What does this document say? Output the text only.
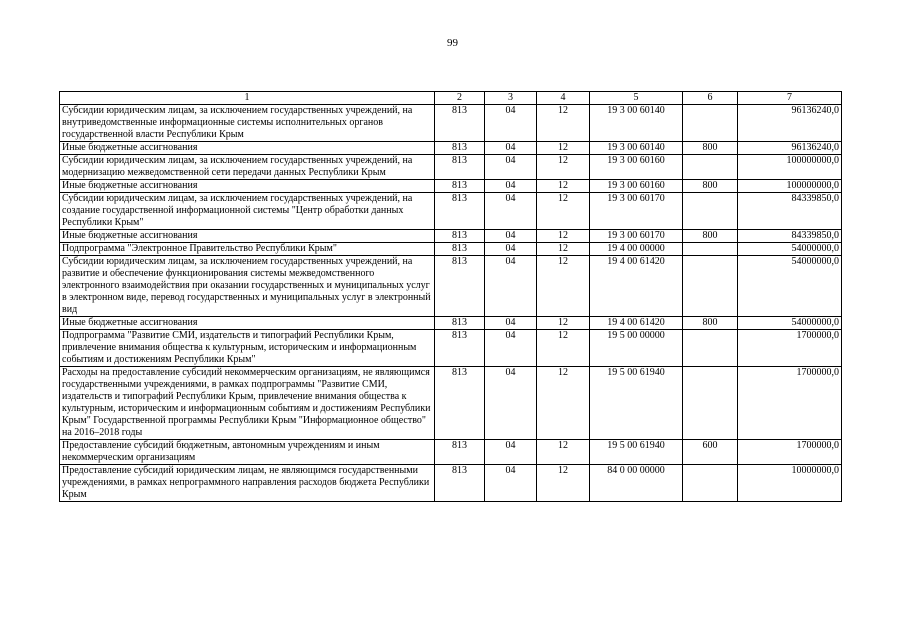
99
1	2	3	4	5	6	7
Субсидии юридическим лицам, за исключением государственных учреждений, на внутриведомственные информационные системы исполнительных органов государственной власти Республики Крым	813	04	12	19 3 00 60140		96136240,0
Иные бюджетные ассигнования	813	04	12	19 3 00 60140	800	96136240,0
Субсидии юридическим лицам, за исключением государственных учреждений, на модернизацию межведомственной сети передачи данных Республики Крым	813	04	12	19 3 00 60160		100000000,0
Иные бюджетные ассигнования	813	04	12	19 3 00 60160	800	100000000,0
Субсидии юридическим лицам, за исключением государственных учреждений, на создание государственной информационной системы "Центр обработки данных Республики Крым"	813	04	12	19 3 00 60170		84339850,0
Иные бюджетные ассигнования	813	04	12	19 3 00 60170	800	84339850,0
Подпрограмма "Электронное Правительство Республики Крым"	813	04	12	19 4 00 00000		54000000,0
Субсидии юридическим лицам, за исключением государственных учреждений, на развитие и обеспечение функционирования системы межведомственного электронного взаимодействия при оказании государственных и муниципальных услуг в электронном виде, перевод государственных и муниципальных услуг в электронный вид	813	04	12	19 4 00 61420		54000000,0
Иные бюджетные ассигнования	813	04	12	19 4 00 61420	800	54000000,0
Подпрограмма "Развитие СМИ, издательств и типографий Республики Крым, привлечение внимания общества к культурным, историческим и информационным событиям и достижениям Республики Крым"	813	04	12	19 5 00 00000		1700000,0
Расходы на предоставление субсидий некоммерческим организациям, не являющимся государственными учреждениями, в рамках подпрограммы "Развитие СМИ, издательств и типографий Республики Крым, привлечение внимания общества к культурным, историческим и информационным событиям и достижениям Республики Крым" Государственной программы Республики Крым "Информационное общество" на 2016–2018 годы	813	04	12	19 5 00 61940		1700000,0
Предоставление субсидий бюджетным, автономным учреждениям и иным некоммерческим организациям	813	04	12	19 5 00 61940	600	1700000,0
Предоставление субсидий юридическим лицам, не являющимся государственными учреждениями, в рамках непрограммного направления расходов бюджета Республики Крым	813	04	12	84 0 00 00000		10000000,0
